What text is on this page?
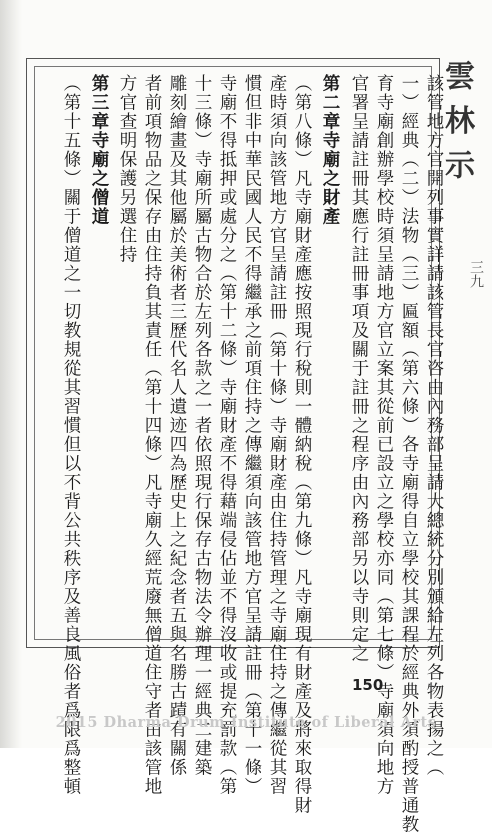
雲 林 示
三九
該管地方官開列事實詳請該管長官咨由內務部呈請大總統分別頒給左列各物表揚之（
一）經典（二）法物（三）匾額（第六條）各寺廟得自立學校其課程於經典外須酌授普通教
育寺廟創辦學校時須呈請地方官立案其從前已設立之學校亦同（第七條）寺廟須向地方
官署呈請註冊其應行註冊事項及關于註冊之程序由內務部另以寺則定之
第二章寺廟之財產
（第八條）凡寺廟財產應按照現行稅則一體納稅（第九條）凡寺廟現有財產及將來取得財
產時須向該管地方官呈請註冊（第十條）寺廟財產由住持管理之寺廟住持之傳繼從其習
慣但非中華民國人民不得繼承之前項住持之傳繼須向該管地方官呈請註冊（第十一條）
寺廟不得抵押或處分之（第十二條）寺廟財產不得藉端侵佔並不得沒收或提充罰款（第
十三條）寺廟所屬古物合於左列各款之一者依照現行保存古物法令辦理一經典二建築
雕刻繪畫及其他屬於美術者三歷代名人遺迹四為歷史上之紀念者五與名勝古蹟有關係
者前項物品之保存由住持負其責任（第十四條）凡寺廟久經荒廢無僧道住守者由該管地
方官查明保護另選住持
第三章寺廟之僧道
（第十五條）關于僧道之一切教規從其習慣但以不背公共秩序及善良風俗者爲限爲整頓	150
2015 Dharma Drum Institute of Liberal Arts
